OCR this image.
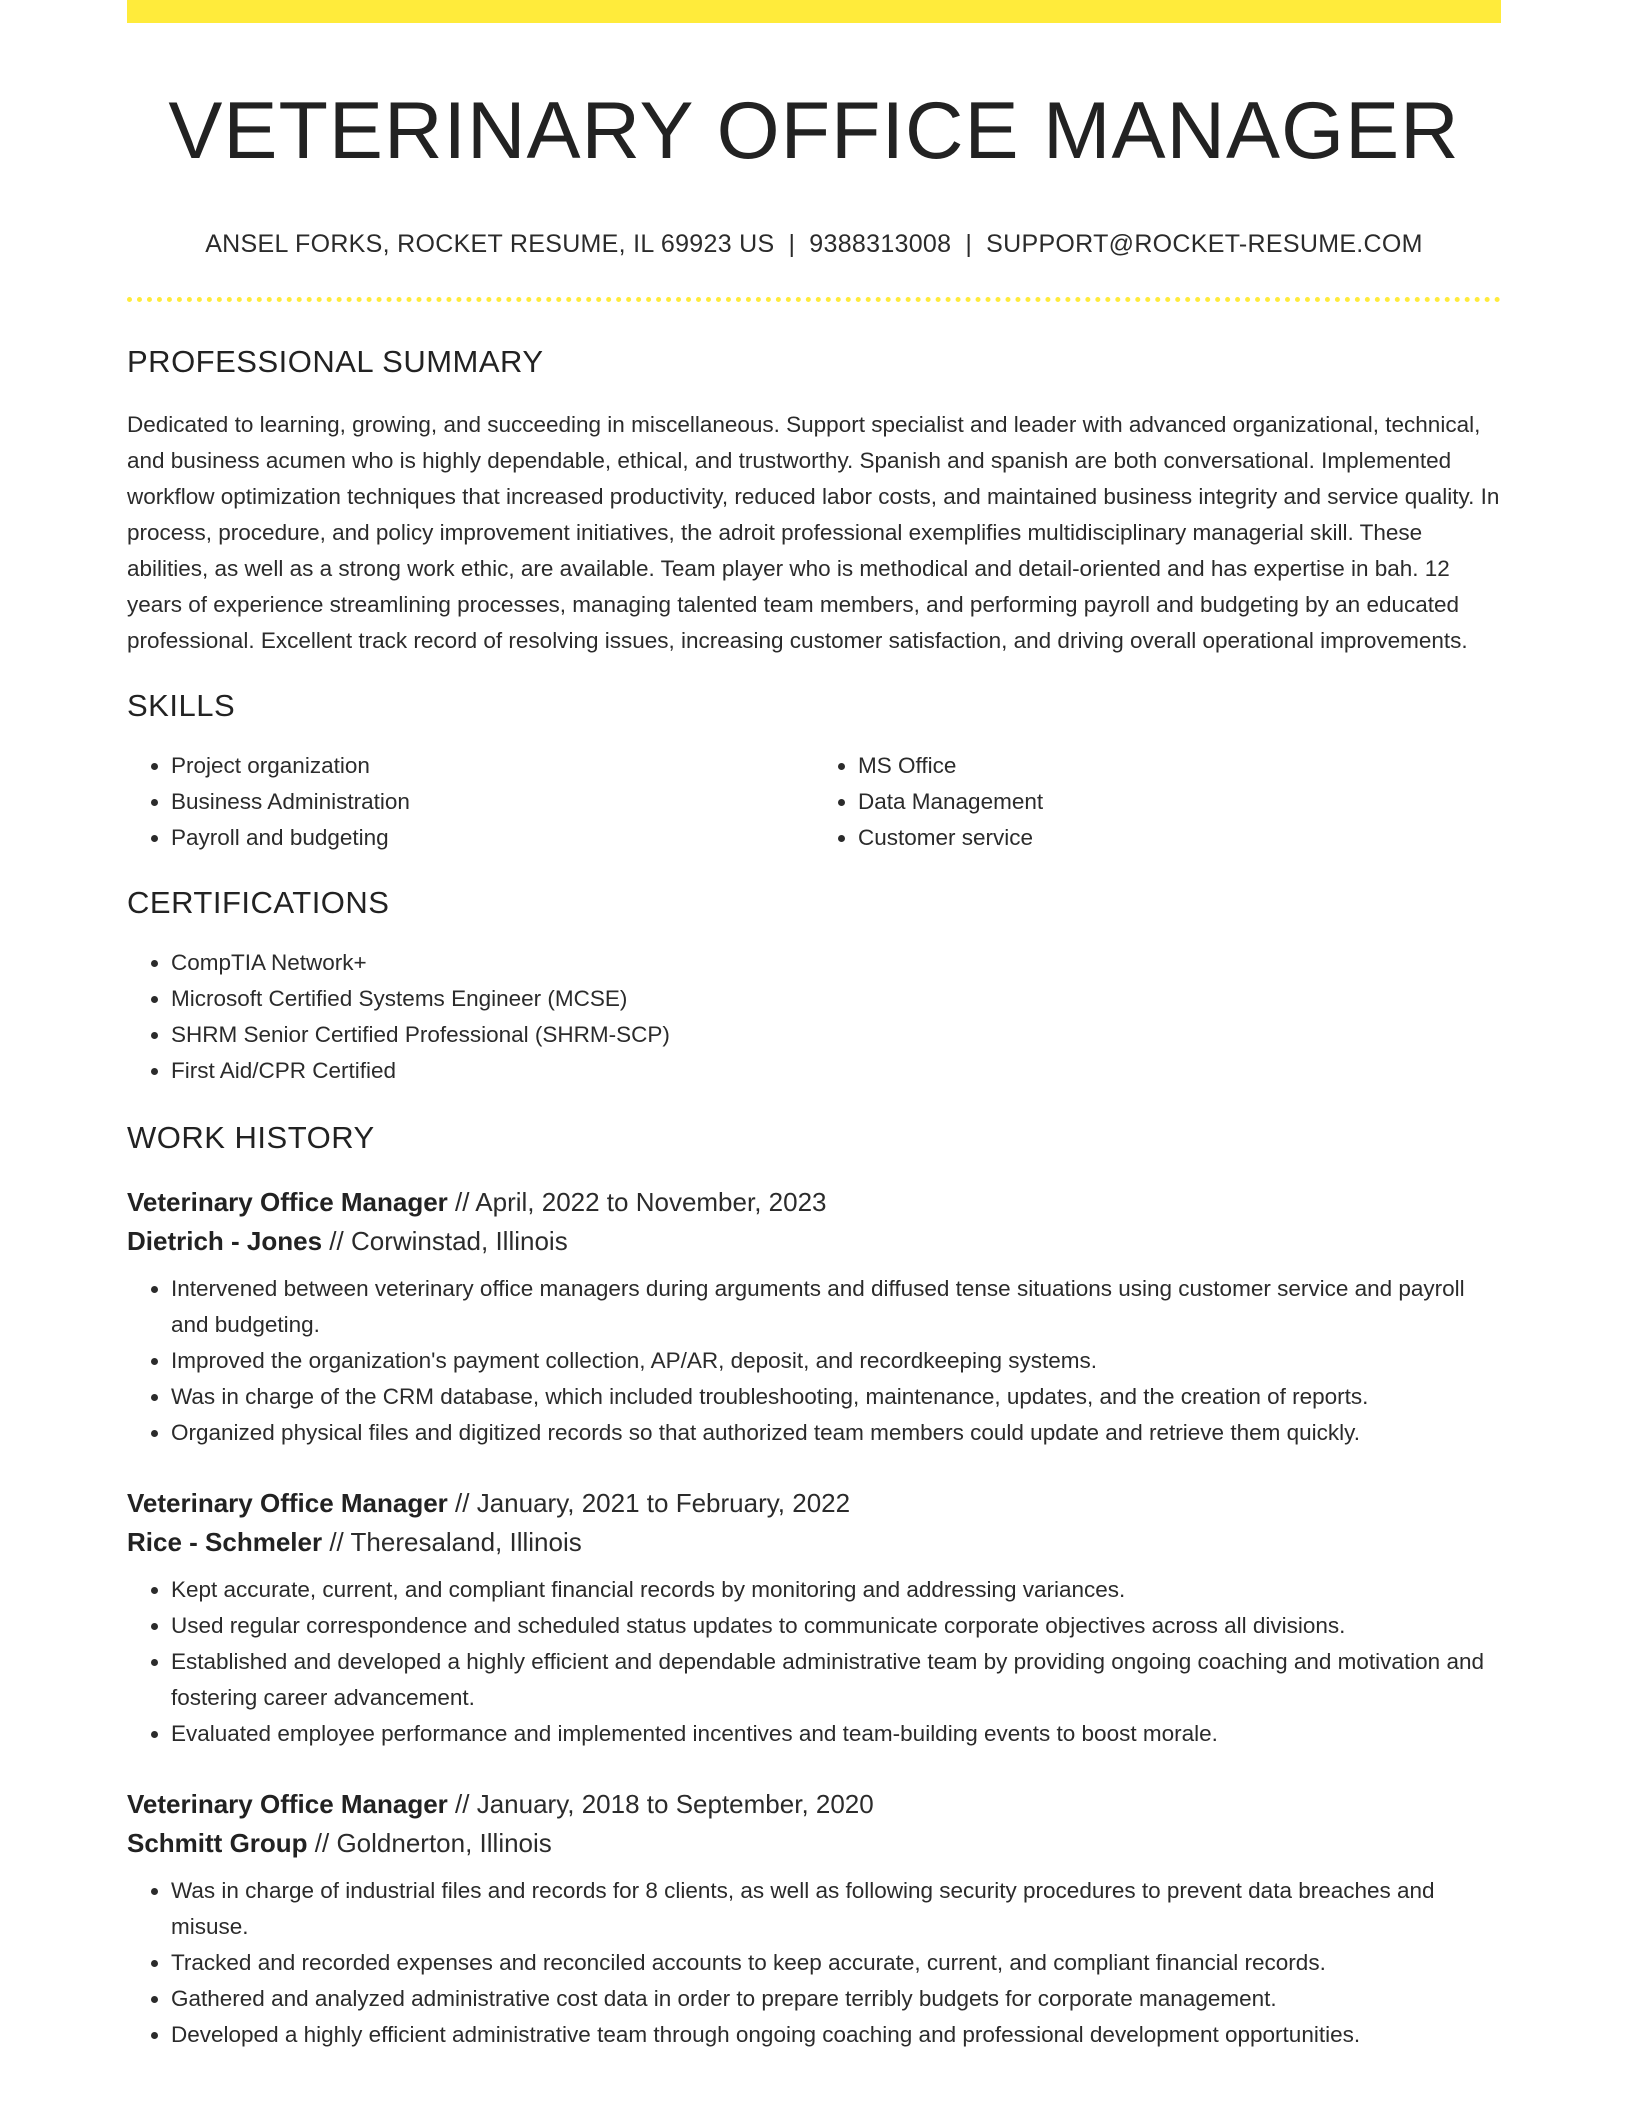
VETERINARY OFFICE MANAGER
ANSEL FORKS, ROCKET RESUME, IL 69923 US | 9388313008 | SUPPORT@ROCKET-RESUME.COM
PROFESSIONAL SUMMARY
Dedicated to learning, growing, and succeeding in miscellaneous. Support specialist and leader with advanced organizational, technical, and business acumen who is highly dependable, ethical, and trustworthy. Spanish and spanish are both conversational. Implemented workflow optimization techniques that increased productivity, reduced labor costs, and maintained business integrity and service quality. In process, procedure, and policy improvement initiatives, the adroit professional exemplifies multidisciplinary managerial skill. These abilities, as well as a strong work ethic, are available. Team player who is methodical and detail-oriented and has expertise in bah. 12 years of experience streamlining processes, managing talented team members, and performing payroll and budgeting by an educated professional. Excellent track record of resolving issues, increasing customer satisfaction, and driving overall operational improvements.
SKILLS
• Project organization
• Business Administration
• Payroll and budgeting
• MS Office
• Data Management
• Customer service
CERTIFICATIONS
• CompTIA Network+
• Microsoft Certified Systems Engineer (MCSE)
• SHRM Senior Certified Professional (SHRM-SCP)
• First Aid/CPR Certified
WORK HISTORY
Veterinary Office Manager // April, 2022 to November, 2023
Dietrich - Jones // Corwinstad, Illinois
• Intervened between veterinary office managers during arguments and diffused tense situations using customer service and payroll and budgeting.
• Improved the organization's payment collection, AP/AR, deposit, and recordkeeping systems.
• Was in charge of the CRM database, which included troubleshooting, maintenance, updates, and the creation of reports.
• Organized physical files and digitized records so that authorized team members could update and retrieve them quickly.
Veterinary Office Manager // January, 2021 to February, 2022
Rice - Schmeler // Theresaland, Illinois
• Kept accurate, current, and compliant financial records by monitoring and addressing variances.
• Used regular correspondence and scheduled status updates to communicate corporate objectives across all divisions.
• Established and developed a highly efficient and dependable administrative team by providing ongoing coaching and motivation and fostering career advancement.
• Evaluated employee performance and implemented incentives and team-building events to boost morale.
Veterinary Office Manager // January, 2018 to September, 2020
Schmitt Group // Goldnerton, Illinois
• Was in charge of industrial files and records for 8 clients, as well as following security procedures to prevent data breaches and misuse.
• Tracked and recorded expenses and reconciled accounts to keep accurate, current, and compliant financial records.
• Gathered and analyzed administrative cost data in order to prepare terribly budgets for corporate management.
• Developed a highly efficient administrative team through ongoing coaching and professional development opportunities.
